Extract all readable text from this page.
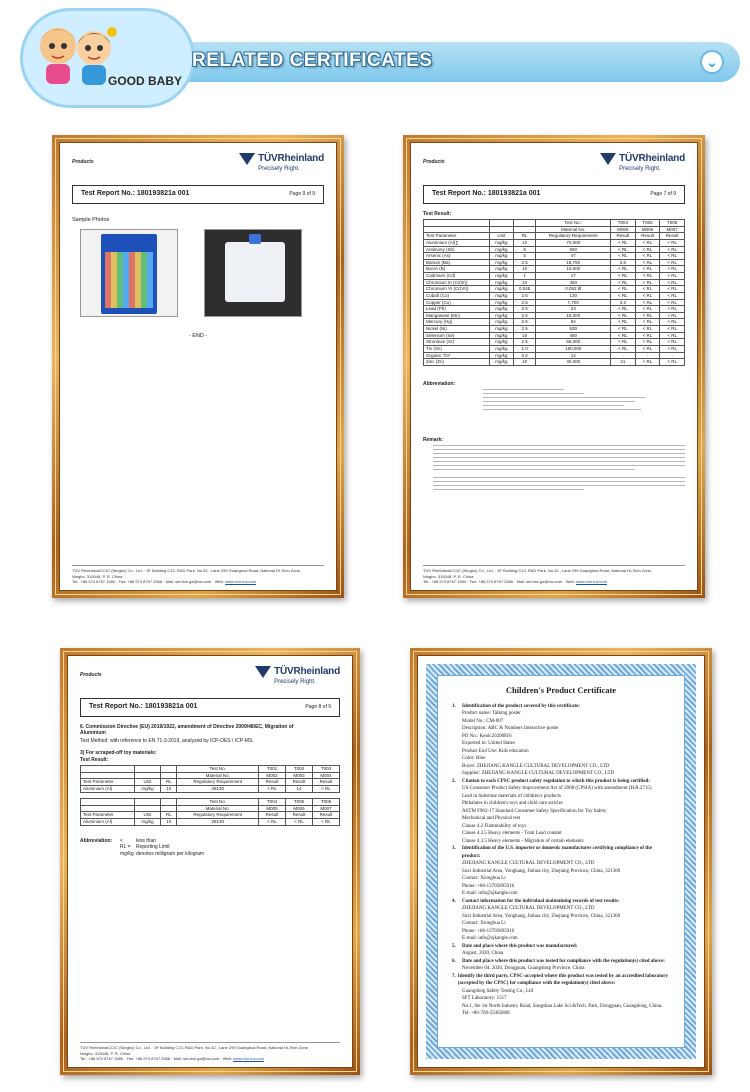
GOOD BABY
RELATED CERTIFICATES	⌄
Products	TÜVRheinland
Precisely Right.
Test Report No.: 180193821a 001	Page 9 of 9
Sample Photos
- END -
TÜV Rheinland/CCIC (Ningbo) Co., Ltd. · 3F Building C13, R&D Park, No.32 , Lane 299 Guanghua Road, National Hi-Tech Zone,
Ningbo, 315048, P. R. China
Tel.: +86 574 8767 1580 · Fax: +86 574 8767 2566 · Mail: service-gz@tuv.com · Web: www.chn.tuv.com
Products	TÜVRheinland
Precisely Right.
Test Report No.: 180193821a 001	Page 7 of 9
Test Result:
			Test No.:	T004	T005	T006
			Material No.	M005	M006	M007
Test Parameter	Unit	RL	Regulatory Requirement	Result	Result	Result
Aluminium (Al)∑	mg/kg	10	70,000	< RL	< RL	< RL
Antimony (Sb)	mg/kg	5	560	< RL	< RL	< RL
Arsenic (As)	mg/kg	5	47	< RL	< RL	< RL
Barium (Ba)	mg/kg	2.5	18,750	2.6	< RL	< RL
Boron (B)	mg/kg	10	15,000	< RL	< RL	< RL
Cadmium (Cd)	mg/kg	1	17	< RL	< RL	< RL
Chromium III (Cr(III))	mg/kg	10	460	< RL	< RL	< RL
Chromium VI (Cr(VI))	mg/kg	0.045	0.053 Ø	< RL	< RL	< RL
Cobalt (Co)	mg/kg	2.5	130	< RL	< RL	< RL
Copper (Cu)	mg/kg	2.5	7,700	3.2	< RL	< RL
Lead (Pb)	mg/kg	2.5	23	< RL	< RL	< RL
Manganese (Mn)	mg/kg	2.5	15,000	< RL	< RL	< RL
Mercury (Hg)	mg/kg	2.5	94	< RL	< RL	< RL
Nickel (Ni)	mg/kg	2.5	930	< RL	< RL	< RL
Selenium (Se)	mg/kg	10	460	< RL	< RL	< RL
Strontium (Sr)	mg/kg	2.5	56,000	< RL	< RL	< RL
Tin (Sn)	mg/kg	1.0	180,000	< RL	< RL	< RL
Organic Tin*	mg/kg	0.2	12	-	-	-
Zinc (Zn)	mg/kg	10	46,000	21	< RL	< RL
Abbreviation:
Remark:
TÜV Rheinland/CCIC (Ningbo) Co., Ltd. · 3F Building C13, R&D Park, No.32 , Lane 299 Guanghua Road, National Hi-Tech Zone,
Ningbo, 315048, P. R. China
Tel.: +86 574 8767 1580 · Fax: +86 574 8767 2566 · Mail: service-gz@tuv.com · Web: www.chn.tuv.com
Products	TÜVRheinland
Precisely Right.
Test Report No.: 180193821a 001	Page 8 of 9
6. Commission Directive (EU) 2019/1922, amendment of Directive 2009/48/EC, Migration of Aluminium
Test Method: with reference to EN 71-3:2019, analyzed by ICP-OES / ICP-MS.
3) For scraped-off toy materials:
Test Result:
			Test No.	T001	T002	T003
			Material No.	M002	M003	M004
Test Parameter	Unit	RL	Regulatory Requirement	Result	Result	Result
Aluminium (Al)	mg/kg	10	28130	< RL	14	< RL
			Test No.	T004	T005	T006
			Material No.	M005	M006	M007
Test Parameter	Unit	RL	Regulatory Requirement	Result	Result	Result
Aluminium (Al)	mg/kg	10	28130	< RL	< RL	< RL
Abbreviation: <	less than
RL =	Reporting Limit
mg/kg denotes milligram per kilogram
TÜV Rheinland/CCIC (Ningbo) Co., Ltd. · 3F Building C13, R&D Park, No.32 , Lane 299 Guanghua Road, National Hi-Tech Zone,
Ningbo, 315048, P. R. China
Tel.: +86 574 8767 1580 · Fax: +86 574 8767 2566 · Mail: service-gz@tuv.com · Web: www.chn.tuv.com
Children's Product Certificate
1.	Identification of the product covered by this certificate:
Product name: Talking poster
Model No.: CM-007
Description: ABC & Numbers Interactive poster
PO No.: Kenlc20200816
Exported to: United States
Product End Use: Kids education
Color: Blue
Buyer: ZHEJIANG KANGLE CULTURAL DEVELOPMENT CO., LTD
Supplier: ZHEJIANG KANGLE CULTURAL DEVELOPMENT CO., LTD
2.	Citation to each CPSC product safety regulation to which this product is being certified:
US Consumer Product Safety Improvement Act of 2008 (CPSIA) with amendment (H.R.2715)
Lead in Substrate materials of children's products
Phthalates in children's toys and child care articles
ASTM F963-17 Standard Consumer Safety Specification for Toy Safety
Mechanical and Physical test
Clause 4.2 Flammability of toys
Clause 4.3.5 Heavy elements - Total Lead content
Clause 4.3.5 Heavy elements - Migration of certain elements
3.	Identification of the U.S. importer or domestic manufacturer certifying compliance of the product:
ZHEJIANG KANGLE CULTURAL DEVELOPMENT CO., LTD
Suxi Industrial Area, Yongkang, Jinhua city, Zhejiang Province, China, 321300
Contact: Xionghua Li
Phone: +86-13705895916
E-mail: info@zjkangle.com
4.	Contact information for the individual maintaining records of test results:
ZHEJIANG KANGLE CULTURAL DEVELOPMENT CO., LTD
Suxi Industrial Area, Yongkang, Jinhua city, Zhejiang Province, China, 321300
Contact: Xionghua Li
Phone: +86-13705895916
E-mail: info@zjkangle.com
5.	Date and place where this product was manufactured:
August, 2020, China
6.	Date and place where this product was tested for compliance with the regulation(s) cited above:
November 04, 2020, Dongguan, Guangdong Province, China
7. Identify the third party, CPSC-accepted where this product was tested by an accredited laboratory (accepted by the CPSC) for compliance with the regulation(s) cited above:
Guangdong Safety Testing Co., Ltd
SFT Laboratory: 1517
No.1, the 1st North Industry Road, Songshan Lake Sci.&Tech. Park, Dongguan, Guangdong, China.
Tel: +86-769-23385808
